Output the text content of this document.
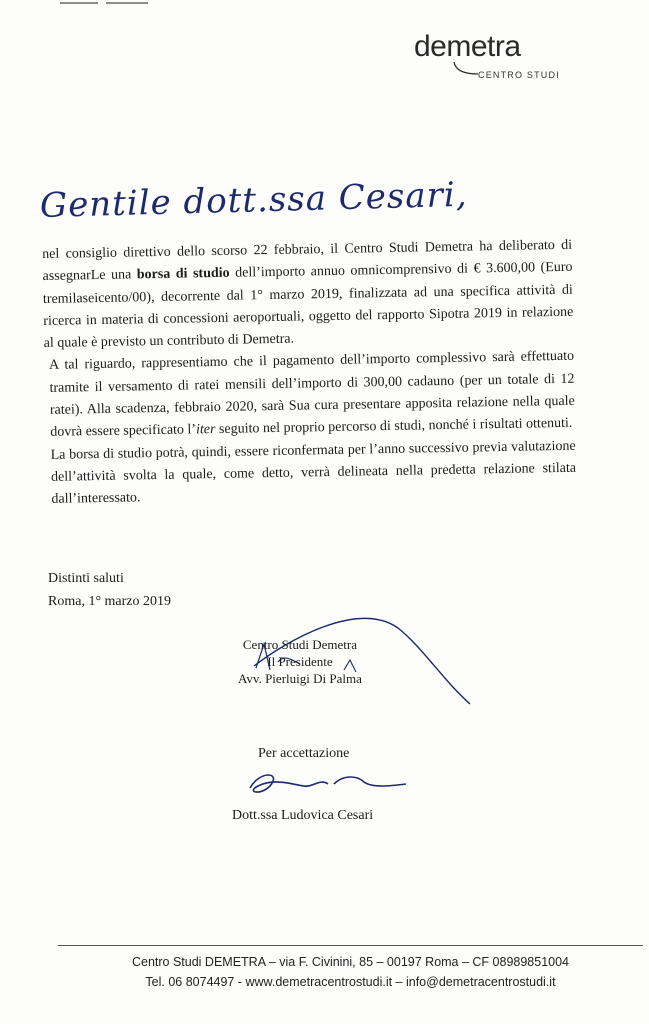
demetra
CENTRO STUDI
Gentile dott.ssa Cesari,

nel consiglio direttivo dello scorso 22 febbraio, il Centro Studi Demetra ha deliberato di assegnarLe una borsa di studio dell’importo annuo omnicomprensivo di € 3.600,00 (Euro tremilaseicento/00), decorrente dal 1° marzo 2019, finalizzata ad una specifica attività di ricerca in materia di concessioni aeroportuali, oggetto del rapporto Sipotra 2019 in relazione al quale è previsto un contributo di Demetra.

A tal riguardo, rappresentiamo che il pagamento dell’importo complessivo sarà effettuato tramite il versamento di ratei mensili dell’importo di 300,00 cadauno (per un totale di 12 ratei). Alla scadenza, febbraio 2020, sarà Sua cura presentare apposita relazione nella quale dovrà essere specificato l’iter seguito nel proprio percorso di studi, nonché i risultati ottenuti.

La borsa di studio potrà, quindi, essere riconfermata per l’anno successivo previa valutazione dell’attività svolta la quale, come detto, verrà delineata nella predetta relazione stilata dall’interessato.

Distinti saluti
Roma, 1° marzo 2019
Centro Studi Demetra
Il Presidente
Avv. Pierluigi Di Palma
Per accettazione
Dott.ssa Ludovica Cesari
Centro Studi DEMETRA – via F. Civinini, 85 – 00197 Roma – CF 08989851004
Tel. 06 8074497 - www.demetracentrostudi.it – info@demetracentrostudi.it
